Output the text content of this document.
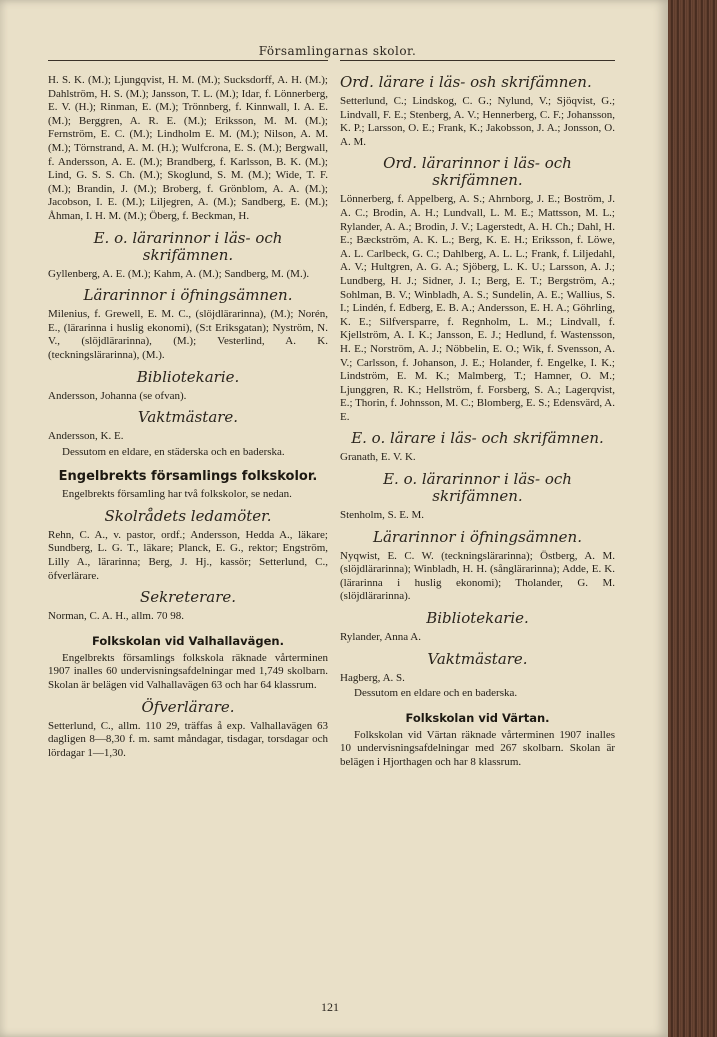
Församlingarnas skolor.

H. S. K. (M.); Ljungqvist, H. M. (M.); Sucksdorff, A. H. (M.); Dahlström, H. S. (M.); Jansson, T. L. (M.); Idar, f. Lönnerberg, E. V. (H.); Rinman, E. (M.); Trönnberg, f. Kinnwall, I. A. E. (M.); Berggren, A. R. E. (M.); Eriksson, M. M. (M.); Fernström, E. C. (M.); Lindholm E. M. (M.); Nilson, A. M. (M.); Törnstrand, A. M. (H.); Wulfcrona, E. S. (M.); Bergwall, f. Andersson, A. E. (M.); Brandberg, f. Karlsson, B. K. (M.); Lind, G. S. S. Ch. (M.); Skoglund, S. M. (M.); Wide, T. F. (M.); Brandin, J. (M.); Broberg, f. Grönblom, A. A. (M.); Jacobson, I. E. (M.); Liljegren, A. (M.); Sandberg, E. (M.); Åhman, I. H. M. (M.); Öberg, f. Beckman, H.

E. o. lärarinnor i läs- och skrifämnen.

Gyllenberg, A. E. (M.); Kahm, A. (M.); Sandberg, M. (M.).

Lärarinnor i öfningsämnen.

Milenius, f. Grewell, E. M. C., (slöjdlärarinna), (M.); Norén, E., (lärarinna i huslig ekonomi), (S:t Eriksgatan); Nyström, N. V., (slöjdlärarinna), (M.); Vesterlind, A. K. (teckningslärarinna), (M.).

Bibliotekarie.

Andersson, Johanna (se ofvan).

Vaktmästare.

Andersson, K. E.

Dessutom en eldare, en städerska och en baderska.

Engelbrekts församlings folkskolor.

Engelbrekts församling har två folkskolor, se nedan.

Skolrådets ledamöter.

Rehn, C. A., v. pastor, ordf.; Andersson, Hedda A., läkare; Sundberg, L. G. T., läkare; Planck, E. G., rektor; Engström, Lilly A., lärarinna; Berg, J. Hj., kassör; Setterlund, C., öfverlärare.

Sekreterare.

Norman, C. A. H., allm. 70 98.

Folkskolan vid Valhallavägen.

Engelbrekts församlings folkskola räknade vårterminen 1907 inalles 60 undervisningsafdelningar med 1,749 skolbarn. Skolan är belägen vid Valhallavägen 63 och har 64 klassrum.

Öfverlärare.

Setterlund, C., allm. 110 29, träffas å exp. Valhallavägen 63 dagligen 8—8,30 f. m. samt måndagar, tisdagar, torsdagar och lördagar 1—1,30.

Ord. lärare i läs- osh skrifämnen.

Setterlund, C.; Lindskog, C. G.; Nylund, V.; Sjöqvist, G.; Lindvall, F. E.; Stenberg, A. V.; Hennerberg, C. F.; Johansson, K. P.; Larsson, O. E.; Frank, K.; Jakobsson, J. A.; Jonsson, O. A. M.

Ord. lärarinnor i läs- och skrifämnen.

Lönnerberg, f. Appelberg, A. S.; Ahrnborg, J. E.; Boström, J. A. C.; Brodin, A. H.; Lundvall, L. M. E.; Mattsson, M. L.; Rylander, A. A.; Brodin, J. V.; Lagerstedt, A. H. Ch.; Dahl, H. E.; Bæckström, A. K. L.; Berg, K. E. H.; Eriksson, f. Löwe, A. L. Carlbeck, G. C.; Dahlberg, A. L. L.; Frank, f. Liljedahl, A. V.; Hultgren, A. G. A.; Sjöberg, L. K. U.; Larsson, A. J.; Lundberg, H. J.; Sidner, J. I.; Berg, E. T.; Bergström, A.; Sohlman, B. V.; Winbladh, A. S.; Sundelin, A. E.; Wallius, S. I.; Lindén, f. Edberg, E. B. A.; Andersson, E. H. A.; Göhrling, K. E.; Silfversparre, f. Regnholm, L. M.; Lindvall, f. Kjellström, A. I. K.; Jansson, E. J.; Hedlund, f. Wastensson, H. E.; Norström, A. J.; Nöbbelin, E. O.; Wik, f. Svensson, A. V.; Carlsson, f. Johanson, J. E.; Holander, f. Engelke, I. K.; Lindström, E. M. K.; Malmberg, T.; Hamner, O. M.; Ljunggren, R. K.; Hellström, f. Forsberg, S. A.; Lagerqvist, E.; Thorin, f. Johnsson, M. C.; Blomberg, E. S.; Edensvärd, A. E.

E. o. lärare i läs- och skrifämnen.

Granath, E. V. K.

E. o. lärarinnor i läs- och skrifämnen.

Stenholm, S. E. M.

Lärarinnor i öfningsämnen.

Nyqwist, E. C. W. (teckningslärarinna); Östberg, A. M. (slöjdlärarinna); Winbladh, H. H. (sånglärarinna); Adde, E. K. (lärarinna i huslig ekonomi); Tholander, G. M. (slöjdlärarinna).

Bibliotekarie.

Rylander, Anna A.

Vaktmästare.

Hagberg, A. S.

Dessutom en eldare och en baderska.

Folkskolan vid Värtan.

Folkskolan vid Värtan räknade vårterminen 1907 inalles 10 undervisningsafdelningar med 267 skolbarn. Skolan är belägen i Hjorthagen och har 8 klassrum.

121
